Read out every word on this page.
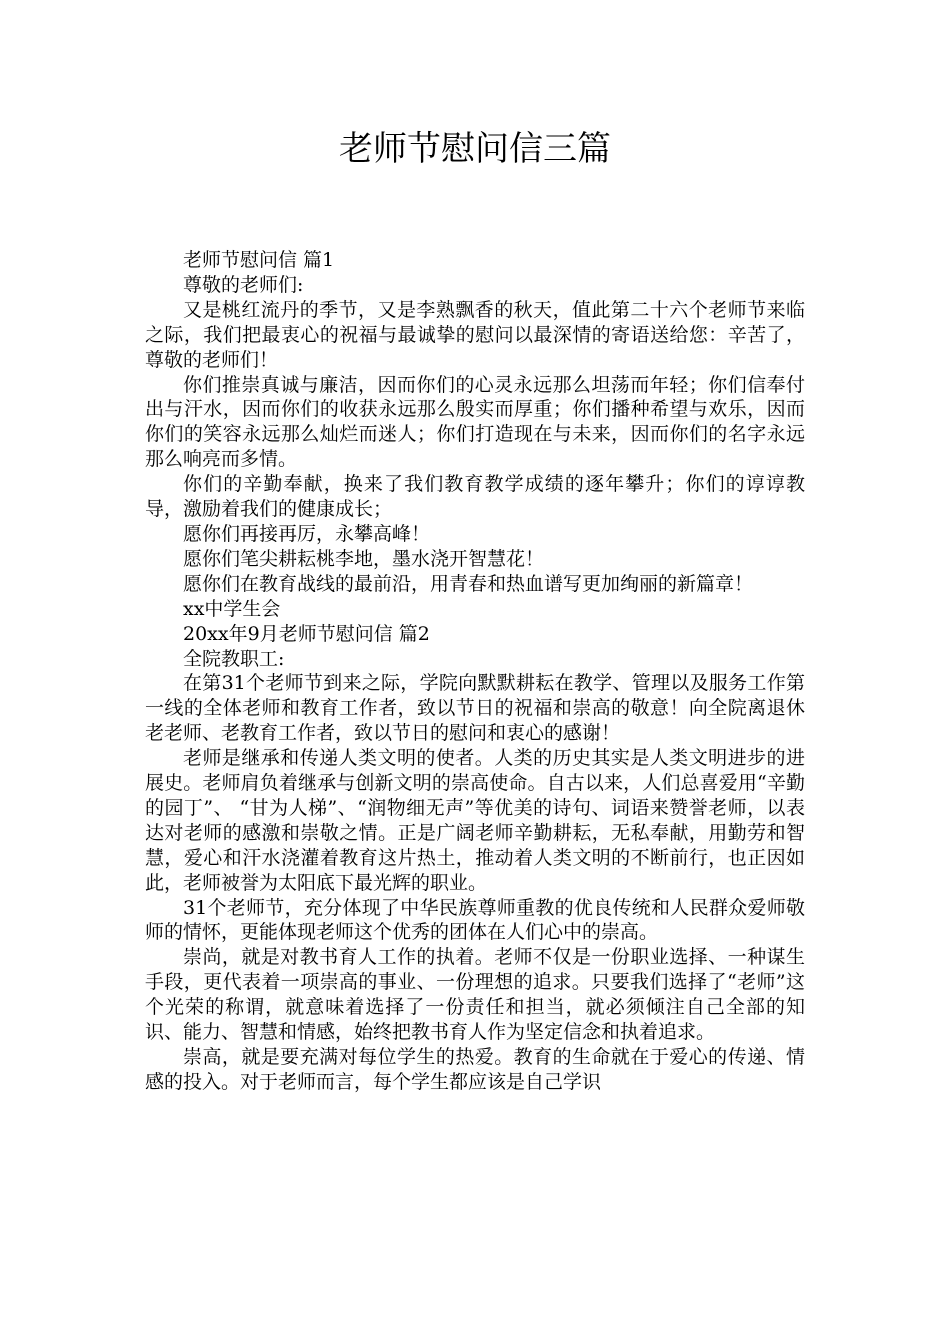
老师节慰问信三篇

老师节慰问信 篇1

尊敬的老师们:

又是桃红流丹的季节，又是李熟飘香的秋天，值此第二十六个老师节来临之际，我们把最衷心的祝福与最诚挚的慰问以最深情的寄语送给您：辛苦了，尊敬的老师们！

你们推崇真诚与廉洁，因而你们的心灵永远那么坦荡而年轻；你们信奉付出与汗水，因而你们的收获永远那么殷实而厚重；你们播种希望与欢乐，因而你们的笑容永远那么灿烂而迷人；你们打造现在与未来，因而你们的名字永远那么响亮而多情。

你们的辛勤奉献，换来了我们教育教学成绩的逐年攀升；你们的谆谆教导，激励着我们的健康成长；

愿你们再接再厉，永攀高峰！

愿你们笔尖耕耘桃李地，墨水浇开智慧花！

愿你们在教育战线的最前沿，用青春和热血谱写更加绚丽的新篇章！

xx中学生会

20xx年9月老师节慰问信 篇2

全院教职工:

在第31个老师节到来之际，学院向默默耕耘在教学、管理以及服务工作第一线的全体老师和教育工作者，致以节日的祝福和崇高的敬意！向全院离退休老老师、老教育工作者，致以节日的慰问和衷心的感谢！

老师是继承和传递人类文明的使者。人类的历史其实是人类文明进步的进展史。老师肩负着继承与创新文明的崇高使命。自古以来，人们总喜爱用“辛勤的园丁”、 “甘为人梯”、“润物细无声”等优美的诗句、词语来赞誉老师，以表达对老师的感激和崇敬之情。正是广阔老师辛勤耕耘，无私奉献，用勤劳和智慧，爱心和汗水浇灌着教育这片热土，推动着人类文明的不断前行，也正因如此，老师被誉为太阳底下最光辉的职业。

31个老师节，充分体现了中华民族尊师重教的优良传统和人民群众爱师敬师的情怀，更能体现老师这个优秀的团体在人们心中的崇高。

崇尚，就是对教书育人工作的执着。老师不仅是一份职业选择、一种谋生手段，更代表着一项崇高的事业、一份理想的追求。只要我们选择了“老师”这个光荣的称谓，就意味着选择了一份责任和担当，就必须倾注自己全部的知识、能力、智慧和情感，始终把教书育人作为坚定信念和执着追求。

崇高，就是要充满对每位学生的热爱。教育的生命就在于爱心的传递、情感的投入。对于老师而言，每个学生都应该是自己学识
